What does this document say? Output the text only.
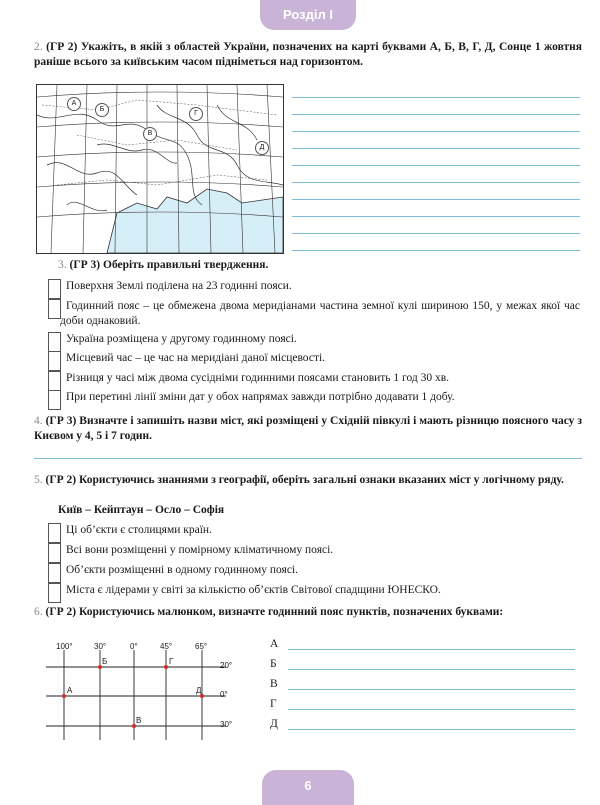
Розділ І
2. (ГР 2) Укажіть, в якій з областей України, позначених на карті буквами А, Б, В, Г, Д, Сонце 1 жовтня раніше всього за київським часом підніметься над горизонтом.
А
Б
В
Г
Д
3. (ГР 3) Оберіть правильні твердження.
Поверхня Землі поділена на 23 годинні пояси.
Годинний пояс – це обмежена двома меридіанами частина земної кулі шириною 150, у межах якої час доби однаковий.
Україна розміщена у другому годинному поясі.
Місцевий час – це час на меридіані даної місцевості.
Різниця у часі між двома сусідніми годинними поясами становить 1 год 30 хв.
При перетині лінії зміни дат у обох напрямах завжди потрібно додавати 1 добу.
4. (ГР 3) Визначте і запишіть назви міст, які розміщені у Східній півкулі і мають різницю поясного часу з Києвом у 4, 5 і 7 годин.
5. (ГР 2) Користуючись знаннями з географії, оберіть загальні ознаки вказаних міст у логічному ряду.
Київ – Кейптаун – Осло – Софія
Ці об’єкти є столицями країн.
Всі вони розміщенні у помірному кліматичному поясі.
Об’єкти розміщенні в одному годинному поясі.
Міста є лідерами у світі за кількістю об’єктів Світової спадщини ЮНЕСКО.
6. (ГР 2) Користуючись малюнком, визначте годинний пояс пунктів, позначених буквами:
100°	30°	0°	45°	65°
20°
0°
30°
Б	Г
А	Д
В
А
Б
В
Г
Д
6
